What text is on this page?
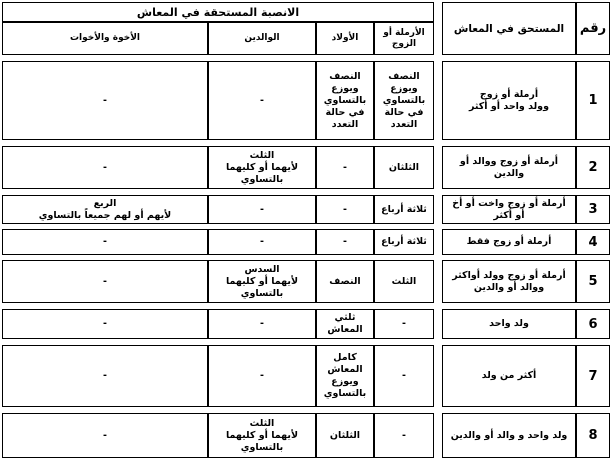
رقم	المستحق في المعاش		الانصبة المستحقة في المعاش			
			الأرملة أو الزوج	الأولاد	الوالدين	الأخوة والأخوات

1	أرملة أو زوج
وولد واحد أو أكثر		النصف
ويوزع
بالتساوي
في حالة
التعدد	النصف
ويوزع
بالتساوي
في حالة
التعدد	-	-

2	أرملة أو زوج ووالد أو
والدين		الثلثان	-	الثلث
لأيهما أو كليهما
بالتساوي	-

3	أرملة أو زوج واخت أو أخ
أو أكثر		ثلاثة أرباع	-	-	الربع
لأيهم أو لهم جميعاً بالتساوي

4	أرملة أو زوج فقط		ثلاثة أرباع	-	-	-

5	أرملة أو زوج وولد أواكثر
ووالد أو والدين		الثلث	النصف	السدس
لأيهما أو كليهما
بالتساوي	-

6	ولد واحد		-	ثلثي
المعاش	-	-

7	أكثر من ولد		-	كامل
المعاش
ويوزع
بالتساوي	-	-

8	ولد واحد و والد أو والدين		-	الثلثان	الثلث
لأيهما أو كليهما
بالتساوي	-
